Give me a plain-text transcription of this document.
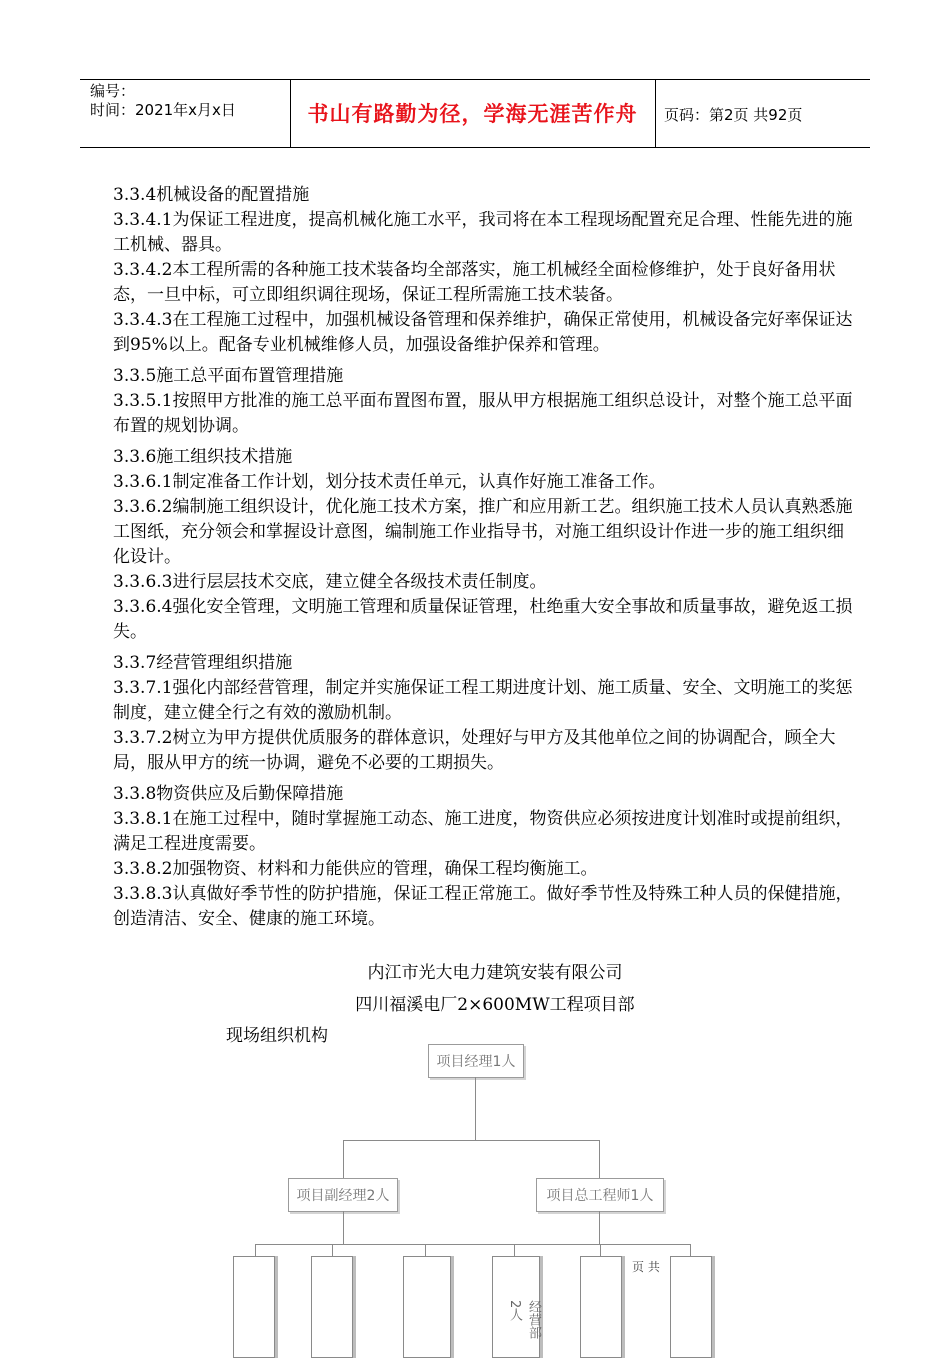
编号：
时间：2021年x月x日	书山有路勤为径，学海无涯苦作舟	页码：第2页 共92页

3.3.4机械设备的配置措施

3.3.4.1为保证工程进度，提高机械化施工水平，我司将在本工程现场配置充足合理、性能先进的施工机械、器具。

3.3.4.2本工程所需的各种施工技术装备均全部落实，施工机械经全面检修维护，处于良好备用状态，一旦中标，可立即组织调往现场，保证工程所需施工技术装备。

3.3.4.3在工程施工过程中，加强机械设备管理和保养维护，确保正常使用，机械设备完好率保证达到95%以上。配备专业机械维修人员，加强设备维护保养和管理。

3.3.5施工总平面布置管理措施

3.3.5.1按照甲方批准的施工总平面布置图布置，服从甲方根据施工组织总设计，对整个施工总平面布置的规划协调。

3.3.6施工组织技术措施

3.3.6.1制定准备工作计划，划分技术责任单元，认真作好施工准备工作。

3.3.6.2编制施工组织设计，优化施工技术方案，推广和应用新工艺。组织施工技术人员认真熟悉施工图纸，充分领会和掌握设计意图，编制施工作业指导书，对施工组织设计作进一步的施工组织细化设计。

3.3.6.3进行层层技术交底，建立健全各级技术责任制度。

3.3.6.4强化安全管理，文明施工管理和质量保证管理，杜绝重大安全事故和质量事故，避免返工损失。

3.3.7经营管理组织措施

3.3.7.1强化内部经营管理，制定并实施保证工程工期进度计划、施工质量、安全、文明施工的奖惩制度，建立健全行之有效的激励机制。

3.3.7.2树立为甲方提供优质服务的群体意识，处理好与甲方及其他单位之间的协调配合，顾全大局，服从甲方的统一协调，避免不必要的工期损失。

3.3.8物资供应及后勤保障措施

3.3.8.1在施工过程中，随时掌握施工动态、施工进度，物资供应必须按进度计划准时或提前组织，满足工程进度需要。

3.3.8.2加强物资、材料和力能供应的管理，确保工程均衡施工。

3.3.8.3认真做好季节性的防护措施，保证工程正常施工。做好季节性及特殊工种人员的保健措施，创造清洁、安全、健康的施工环境。

内江市光大电力建筑安装有限公司
四川福溪电厂2×600MW工程项目部
现场组织机构
项目经理1人
项目副经理2人	项目总工程师1人
经营部2人
页 共
